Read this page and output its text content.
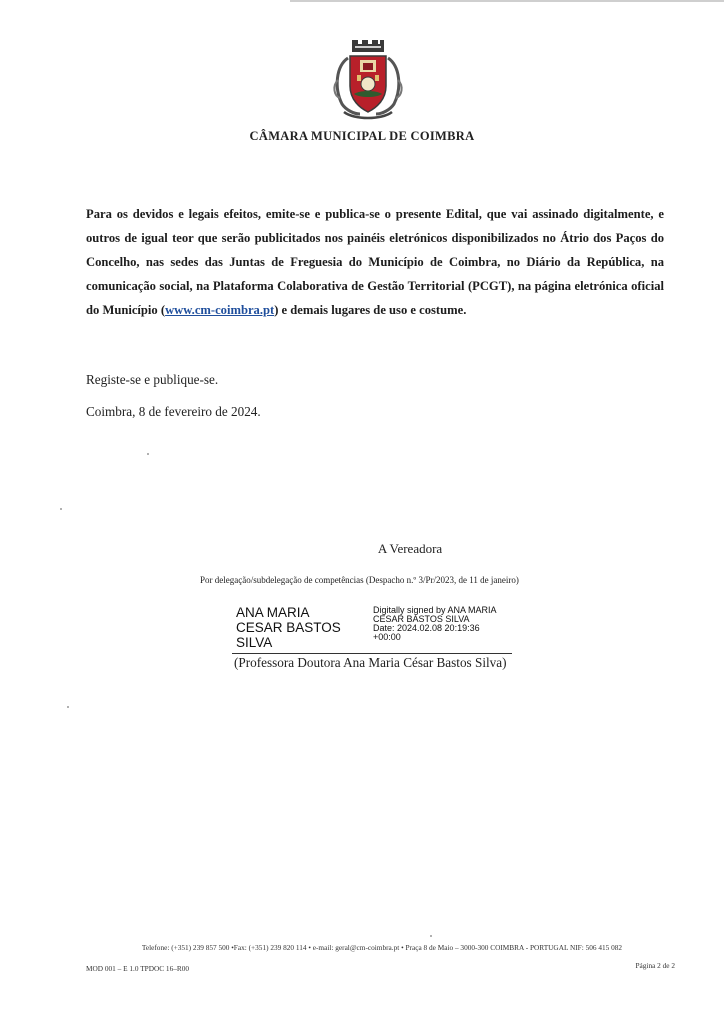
CÂMARA MUNICIPAL DE COIMBRA
Para os devidos e legais efeitos, emite-se e publica-se o presente Edital, que vai assinado digitalmente, e outros de igual teor que serão publicitados nos painéis eletrónicos disponibilizados no Átrio dos Paços do Concelho, nas sedes das Juntas de Freguesia do Município de Coimbra, no Diário da República, na comunicação social, na Plataforma Colaborativa de Gestão Territorial (PCGT), na página eletrónica oficial do Município (www.cm-coimbra.pt) e demais lugares de uso e costume.
Registe-se e publique-se.
Coimbra, 8 de fevereiro de 2024.
A Vereadora
Por delegação/subdelegação de competências (Despacho n.º 3/Pr/2023, de 11 de janeiro)
ANA MARIA
CESAR BASTOS
SILVA
Digitally signed by ANA MARIA
CESAR BASTOS SILVA
Date: 2024.02.08 20:19:36
+00:00
(Professora Doutora Ana Maria César Bastos Silva)
Telefone: (+351) 239 857 500 •Fax: (+351) 239 820 114 • e-mail: geral@cm-coimbra.pt • Praça 8 de Maio – 3000-300 COIMBRA - PORTUGAL NIF: 506 415 082
MOD 001 – E 1.0 TPDOC 16–R00	Página 2 de 2
